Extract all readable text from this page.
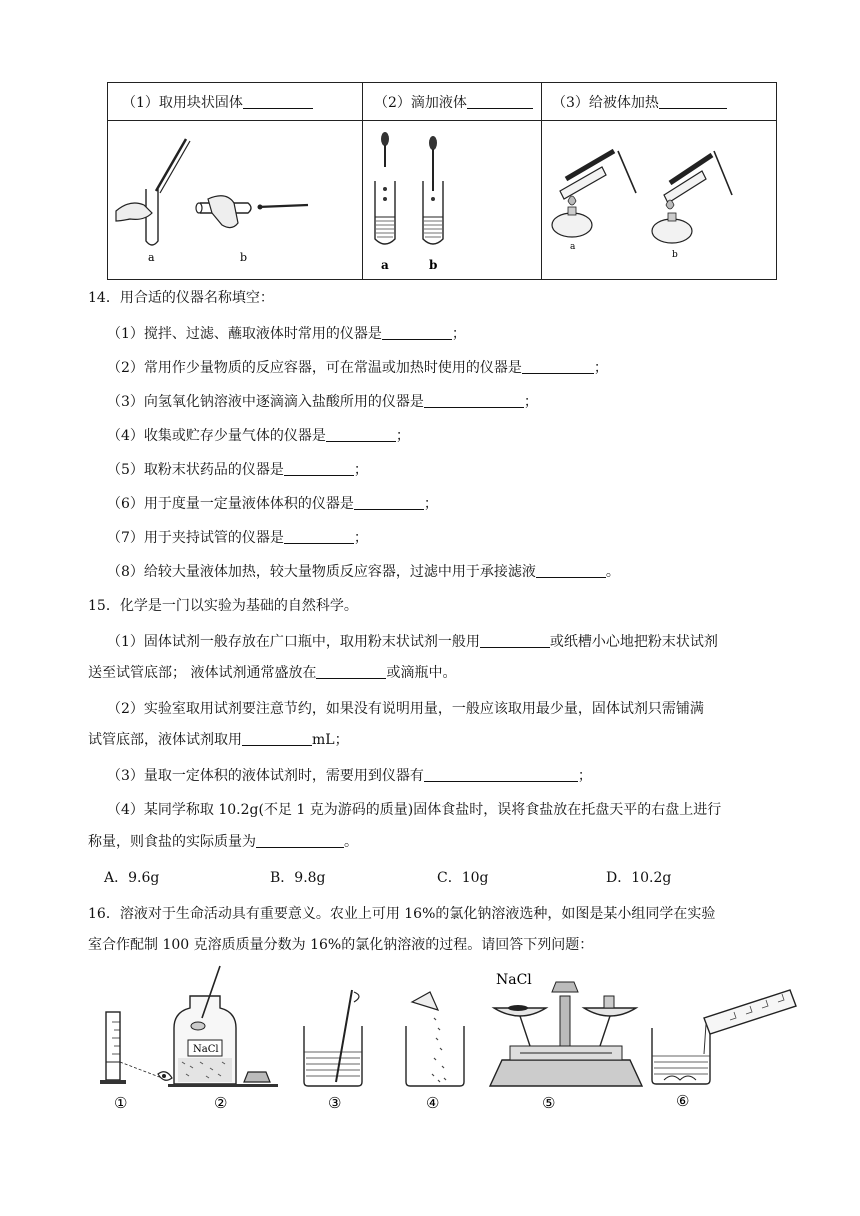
（1）取用块状固体	（2）滴加液体	（3）给被体加热
a	b
a	b
a
b
14．用合适的仪器名称填空：
（1）搅拌、过滤、蘸取液体时常用的仪器是	；
（2）常用作少量物质的反应容器，可在常温或加热时使用的仪器是	；
（3）向氢氧化钠溶液中逐滴滴入盐酸所用的仪器是	；
（4）收集或贮存少量气体的仪器是	；
（5）取粉末状药品的仪器是	；
（6）用于度量一定量液体体积的仪器是	；
（7）用于夹持试管的仪器是	；
（8）给较大量液体加热，较大量物质反应容器，过滤中用于承接滤液	。
15．化学是一门以实验为基础的自然科学。
（1）固体试剂一般存放在广口瓶中，取用粉末状试剂一般用	或纸槽小心地把粉末状试剂
送至试管底部； 液体试剂通常盛放在	或滴瓶中。
（2）实验室取用试剂要注意节约，如果没有说明用量，一般应该取用最少量，固体试剂只需铺满
试管底部，液体试剂取用	mL；
（3）量取一定体积的液体试剂时，需要用到仪器有	；
（4）某同学称取 10.2g(不足 1 克为游码的质量)固体食盐时，误将食盐放在托盘天平的右盘上进行
称量，则食盐的实际质量为	。
A．9.6g	B．9.8g	C．10g	D．10.2g
16．溶液对于生命活动具有重要意义。农业上可用 16%的氯化钠溶液选种，如图是某小组同学在实验
室合作配制 100 克溶质质量分数为 16%的氯化钠溶液的过程。请回答下列问题：
①
NaCl
②	③	④
NaCl
⑤	⑥
